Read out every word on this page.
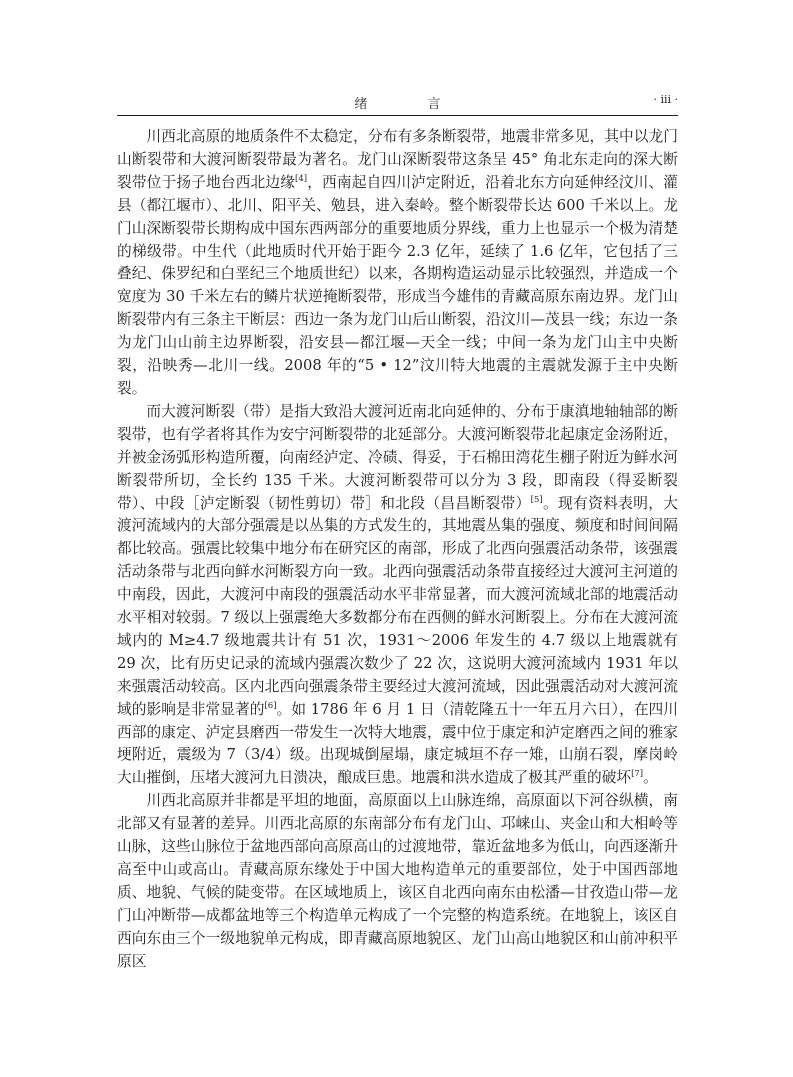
绪 言	· iii ·

川西北高原的地质条件不太稳定，分布有多条断裂带，地震非常多见，其中以龙门山断裂带和大渡河断裂带最为著名。龙门山深断裂带这条呈 45° 角北东走向的深大断裂带位于扬子地台西北边缘[4]，西南起自四川泸定附近，沿着北东方向延伸经汶川、灌县（都江堰市）、北川、阳平关、勉县，进入秦岭。整个断裂带长达 600 千米以上。龙门山深断裂带长期构成中国东西两部分的重要地质分界线，重力上也显示一个极为清楚的梯级带。中生代（此地质时代开始于距今 2.3 亿年，延续了 1.6 亿年，它包括了三叠纪、侏罗纪和白垩纪三个地质世纪）以来，各期构造运动显示比较强烈，并造成一个宽度为 30 千米左右的鳞片状逆掩断裂带，形成当今雄伟的青藏高原东南边界。龙门山断裂带内有三条主干断层：西边一条为龙门山后山断裂，沿汶川—茂县一线；东边一条为龙门山山前主边界断裂，沿安县—都江堰—天全一线；中间一条为龙门山主中央断裂，沿映秀—北川一线。2008 年的“5 • 12”汶川特大地震的主震就发源于主中央断裂。

而大渡河断裂（带）是指大致沿大渡河近南北向延伸的、分布于康滇地轴轴部的断裂带，也有学者将其作为安宁河断裂带的北延部分。大渡河断裂带北起康定金汤附近，并被金汤弧形构造所覆，向南经泸定、冷碛、得妥，于石棉田湾花生棚子附近为鲜水河断裂带所切，全长约 135 千米。大渡河断裂带可以分为 3 段，即南段（得妥断裂带）、中段［泸定断裂（韧性剪切）带］和北段（昌昌断裂带）[5]。现有资料表明，大渡河流域内的大部分强震是以丛集的方式发生的，其地震丛集的强度、频度和时间间隔都比较高。强震比较集中地分布在研究区的南部，形成了北西向强震活动条带，该强震活动条带与北西向鲜水河断裂方向一致。北西向强震活动条带直接经过大渡河主河道的中南段，因此，大渡河中南段的强震活动水平非常显著，而大渡河流域北部的地震活动水平相对较弱。7 级以上强震绝大多数都分布在西侧的鲜水河断裂上。分布在大渡河流域内的 M≥4.7 级地震共计有 51 次，1931～2006 年发生的 4.7 级以上地震就有 29 次，比有历史记录的流域内强震次数少了 22 次，这说明大渡河流域内 1931 年以来强震活动较高。区内北西向强震条带主要经过大渡河流域，因此强震活动对大渡河流域的影响是非常显著的[6]。如 1786 年 6 月 1 日（清乾隆五十一年五月六日），在四川西部的康定、泸定县磨西一带发生一次特大地震，震中位于康定和泸定磨西之间的雅家埂附近，震级为 7（3/4）级。出现城倒屋塌，康定城垣不存一雉，山崩石裂，摩岗岭大山摧倒，压堵大渡河九日溃决，酿成巨患。地震和洪水造成了极其严重的破坏[7]。

川西北高原并非都是平坦的地面，高原面以上山脉连绵，高原面以下河谷纵横，南北部又有显著的差异。川西北高原的东南部分布有龙门山、邛崃山、夹金山和大相岭等山脉，这些山脉位于盆地西部向高原高山的过渡地带，靠近盆地多为低山，向西逐渐升高至中山或高山。青藏高原东缘处于中国大地构造单元的重要部位，处于中国西部地质、地貌、气候的陡变带。在区域地质上，该区自北西向南东由松潘—甘孜造山带—龙门山冲断带—成都盆地等三个构造单元构成了一个完整的构造系统。在地貌上，该区自西向东由三个一级地貌单元构成，即青藏高原地貌区、龙门山高山地貌区和山前冲积平原区
